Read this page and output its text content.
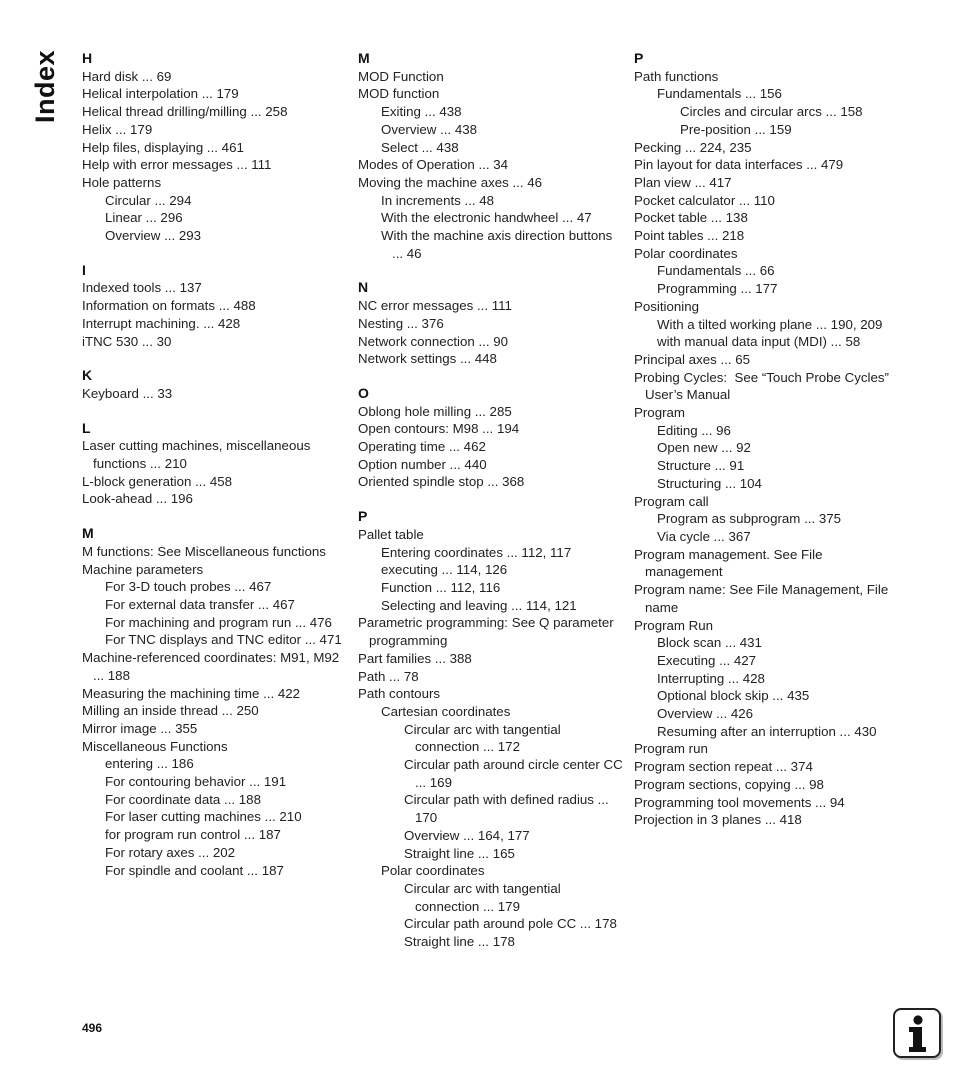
Index H
Hard disk ... 69
Helical interpolation ... 179
Helical thread drilling/milling ... 258
Helix ... 179
Help files, displaying ... 461
Help with error messages ... 111
Hole patterns
Circular ... 294
Linear ... 296
Overview ... 293
I
Indexed tools ... 137
Information on formats ... 488
Interrupt machining. ... 428
iTNC 530 ... 30
K
Keyboard ... 33
L
Laser cutting machines, miscellaneous functions ... 210
L-block generation ... 458
Look-ahead ... 196
M
M functions: See Miscellaneous functions
Machine parameters
For 3-D touch probes ... 467
For external data transfer ... 467
For machining and program run ... 476
For TNC displays and TNC editor ... 471
Machine-referenced coordinates: M91, M92 ... 188
Measuring the machining time ... 422
Milling an inside thread ... 250
Mirror image ... 355
Miscellaneous Functions
entering ... 186
For contouring behavior ... 191
For coordinate data ... 188
For laser cutting machines ... 210
for program run control ... 187
For rotary axes ... 202
For spindle and coolant ... 187
M
MOD Function
MOD function
Exiting ... 438
Overview ... 438
Select ... 438
Modes of Operation ... 34
Moving the machine axes ... 46
In increments ... 48
With the electronic handwheel ... 47
With the machine axis direction buttons ... 46
N
NC error messages ... 111
Nesting ... 376
Network connection ... 90
Network settings ... 448
O
Oblong hole milling ... 285
Open contours: M98 ... 194
Operating time ... 462
Option number ... 440
Oriented spindle stop ... 368
P
Pallet table
Entering coordinates ... 112, 117
executing ... 114, 126
Function ... 112, 116
Selecting and leaving ... 114, 121
Parametric programming: See Q parameter programming
Part families ... 388
Path ... 78
Path contours
Cartesian coordinates
Circular arc with tangential connection ... 172
Circular path around circle center CC ... 169
Circular path with defined radius ... 170
Overview ... 164, 177
Straight line ... 165
Polar coordinates
Circular arc with tangential connection ... 179
Circular path around pole CC ... 178
Straight line ... 178
P
Path functions
Fundamentals ... 156
Circles and circular arcs ... 158
Pre-position ... 159
Pecking ... 224, 235
Pin layout for data interfaces ... 479
Plan view ... 417
Pocket calculator ... 110
Pocket table ... 138
Point tables ... 218
Polar coordinates
Fundamentals ... 66
Programming ... 177
Positioning
With a tilted working plane ... 190, 209
with manual data input (MDI) ... 58
Principal axes ... 65
Probing Cycles:  See “Touch Probe Cycles” User’s Manual
Program
Editing ... 96
Open new ... 92
Structure ... 91
Structuring ... 104
Program call
Program as subprogram ... 375
Via cycle ... 367
Program management. See File management
Program name: See File Management, File name
Program Run
Block scan ... 431
Executing ... 427
Interrupting ... 428
Optional block skip ... 435
Overview ... 426
Resuming after an interruption ... 430
Program run
Program section repeat ... 374
Program sections, copying ... 98
Programming tool movements ... 94
Projection in 3 planes ... 418
496
